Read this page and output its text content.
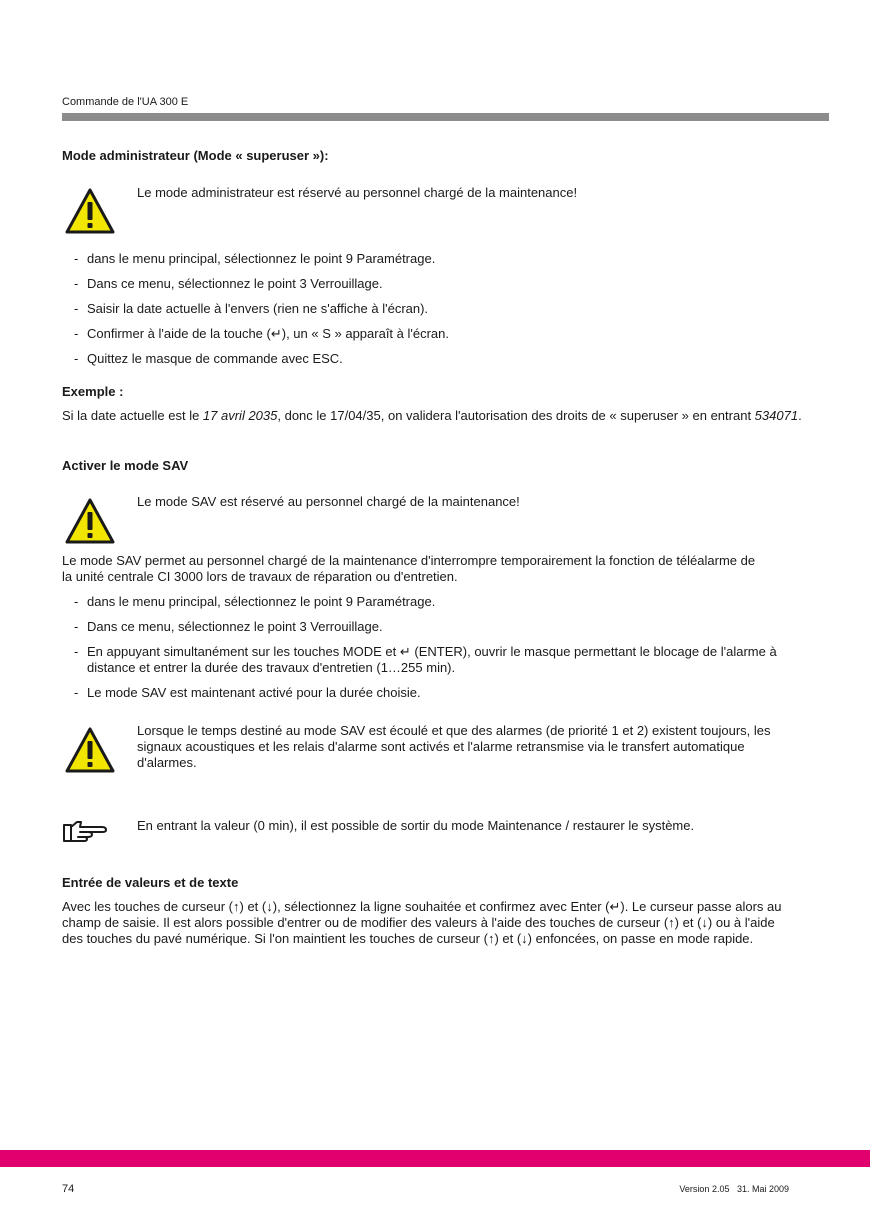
Commande de l'UA 300 E
Mode administrateur (Mode « superuser »):
Le mode administrateur est réservé au personnel chargé de la maintenance!
- dans le menu principal, sélectionnez le point 9 Paramétrage.
- Dans ce menu, sélectionnez le point 3 Verrouillage.
- Saisir la date actuelle à l'envers (rien ne s'affiche à l'écran).
- Confirmer à l'aide de la touche (↵), un « S » apparaît à l'écran.
- Quittez le masque de commande avec ESC.
Exemple :
Si la date actuelle est le 17 avril 2035, donc le 17/04/35, on validera l'autorisation des droits de « superuser » en entrant 534071.
Activer le mode SAV
Le mode SAV est réservé au personnel chargé de la maintenance!
Le mode SAV permet au personnel chargé de la maintenance d'interrompre temporairement la fonction de téléalarme de la unité centrale CI 3000 lors de travaux de réparation ou d'entretien.
- dans le menu principal, sélectionnez le point 9 Paramétrage.
- Dans ce menu, sélectionnez le point 3 Verrouillage.
- En appuyant simultanément sur les touches MODE et ↵ (ENTER), ouvrir le masque permettant le blocage de l'alarme à distance et entrer la durée des travaux d'entretien (1…255 min).
- Le mode SAV est maintenant activé pour la durée choisie.
Lorsque le temps destiné au mode SAV est écoulé et que des alarmes (de priorité 1 et 2) existent toujours, les signaux acoustiques et les relais d'alarme sont activés et l'alarme retransmise via le transfert automatique d'alarmes.
En entrant la valeur (0 min), il est possible de sortir du mode Maintenance / restaurer le système.
Entrée de valeurs et de texte
Avec les touches de curseur (↑) et (↓), sélectionnez la ligne souhaitée et confirmez avec Enter (↵). Le curseur passe alors au champ de saisie. Il est alors possible d'entrer ou de modifier des valeurs à l'aide des touches de curseur (↑) et (↓) ou à l'aide des touches du pavé numérique. Si l'on maintient les touches de curseur (↑) et (↓) enfoncées, on passe en mode rapide.
74	Version 2.05   31. Mai 2009
